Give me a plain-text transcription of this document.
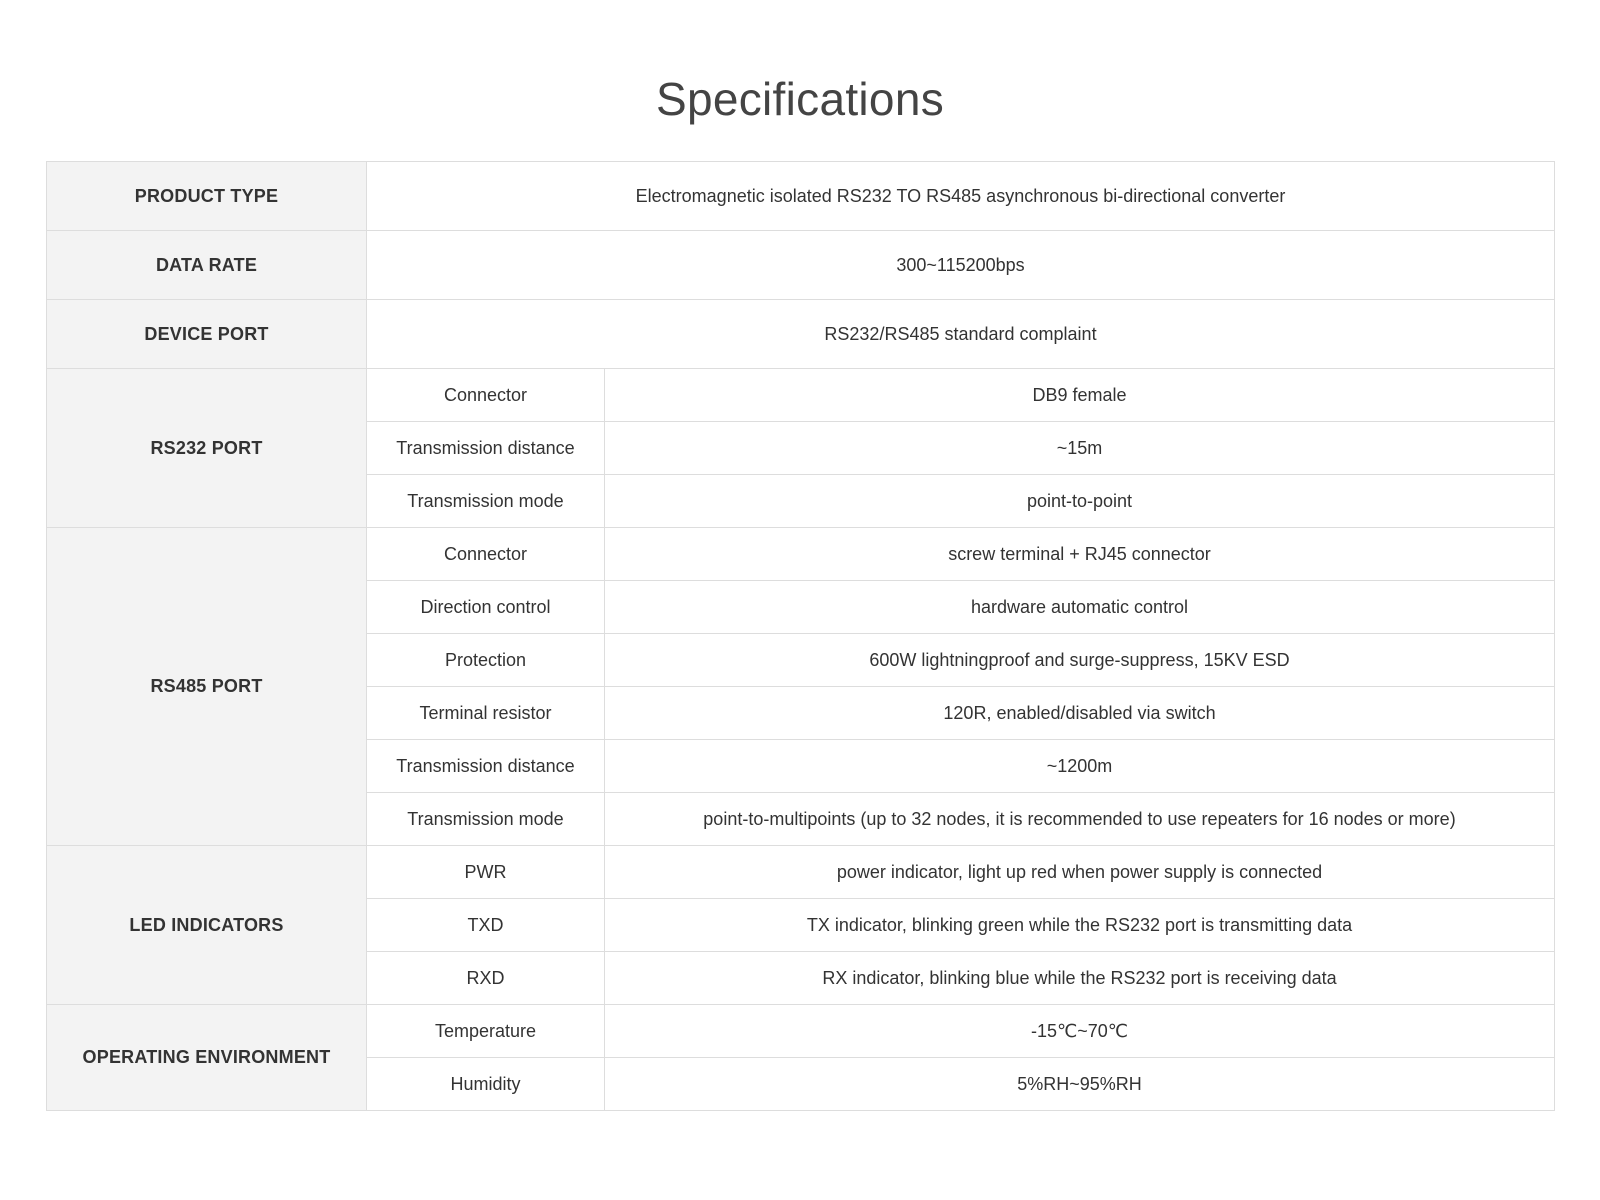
Specifications
PRODUCT TYPE	Electromagnetic isolated RS232 TO RS485 asynchronous bi-directional converter	
DATA RATE	300~115200bps	
DEVICE PORT	RS232/RS485 standard complaint	
RS232 PORT	Connector	DB9 female
	Transmission distance	~15m
	Transmission mode	point-to-point
RS485 PORT	Connector	screw terminal + RJ45 connector
	Direction control	hardware automatic control
	Protection	600W lightningproof and surge-suppress, 15KV ESD
	Terminal resistor	120R, enabled/disabled via switch
	Transmission distance	~1200m
	Transmission mode	point-to-multipoints (up to 32 nodes, it is recommended to use repeaters for 16 nodes or more)
LED INDICATORS	PWR	power indicator, light up red when power supply is connected
	TXD	TX indicator, blinking green while the RS232 port is transmitting data
	RXD	RX indicator, blinking blue while the RS232 port is receiving data
OPERATING ENVIRONMENT	Temperature	-15℃~70℃
	Humidity	5%RH~95%RH
